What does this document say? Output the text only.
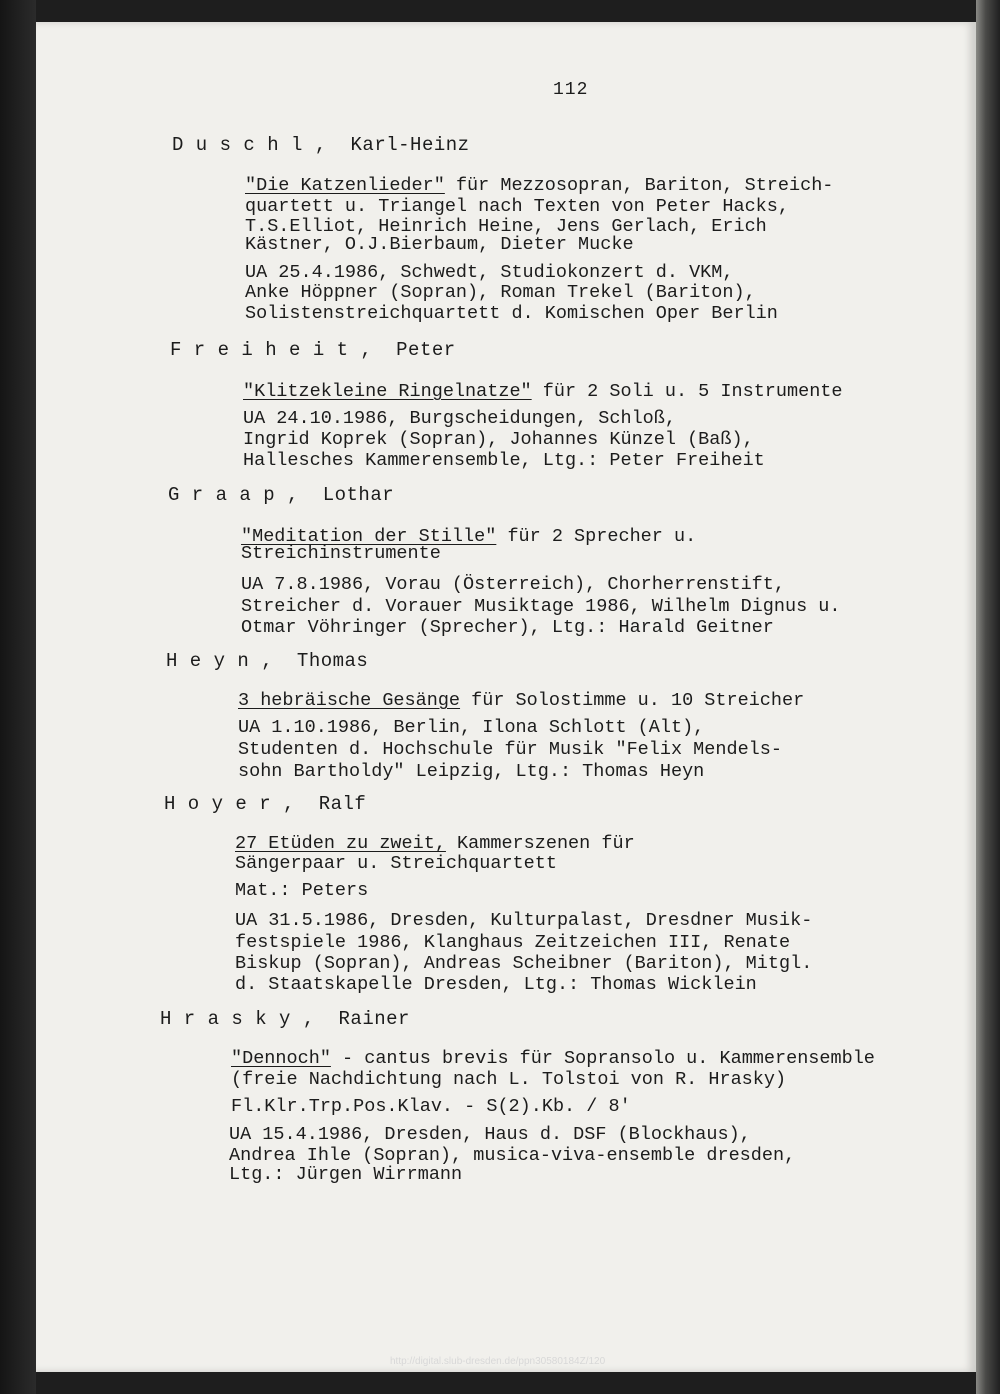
112
D u s c h l ,  Karl-Heinz
"Die Katzenlieder" für Mezzosopran, Bariton, Streich-
quartett u. Triangel nach Texten von Peter Hacks,
T.S.Elliot, Heinrich Heine, Jens Gerlach, Erich
Kästner, O.J.Bierbaum, Dieter Mucke
UA 25.4.1986, Schwedt, Studiokonzert d. VKM,
Anke Höppner (Sopran), Roman Trekel (Bariton),
Solistenstreichquartett d. Komischen Oper Berlin
F r e i h e i t ,  Peter
"Klitzekleine Ringelnatze" für 2 Soli u. 5 Instrumente
UA 24.10.1986, Burgscheidungen, Schloß,
Ingrid Koprek (Sopran), Johannes Künzel (Baß),
Hallesches Kammerensemble, Ltg.: Peter Freiheit
G r a a p ,  Lothar
"Meditation der Stille" für 2 Sprecher u.
Streichinstrumente
UA 7.8.1986, Vorau (Österreich), Chorherrenstift,
Streicher d. Vorauer Musiktage 1986, Wilhelm Dignus u.
Otmar Vöhringer (Sprecher), Ltg.: Harald Geitner
H e y n ,  Thomas
3 hebräische Gesänge für Solostimme u. 10 Streicher
UA 1.10.1986, Berlin, Ilona Schlott (Alt),
Studenten d. Hochschule für Musik "Felix Mendels-
sohn Bartholdy" Leipzig, Ltg.: Thomas Heyn
H o y e r ,  Ralf
27 Etüden zu zweit, Kammerszenen für
Sängerpaar u. Streichquartett
Mat.: Peters
UA 31.5.1986, Dresden, Kulturpalast, Dresdner Musik-
festspiele 1986, Klanghaus Zeitzeichen III, Renate
Biskup (Sopran), Andreas Scheibner (Bariton), Mitgl.
d. Staatskapelle Dresden, Ltg.: Thomas Wicklein
H r a s k y ,  Rainer
"Dennoch" - cantus brevis für Sopransolo u. Kammerensemble
(freie Nachdichtung nach L. Tolstoi von R. Hrasky)
Fl.Klr.Trp.Pos.Klav. - S(2).Kb. / 8'
UA 15.4.1986, Dresden, Haus d. DSF (Blockhaus),
Andrea Ihle (Sopran), musica-viva-ensemble dresden,
Ltg.: Jürgen Wirrmann
http://digital.slub-dresden.de/ppn30580184Z/120
